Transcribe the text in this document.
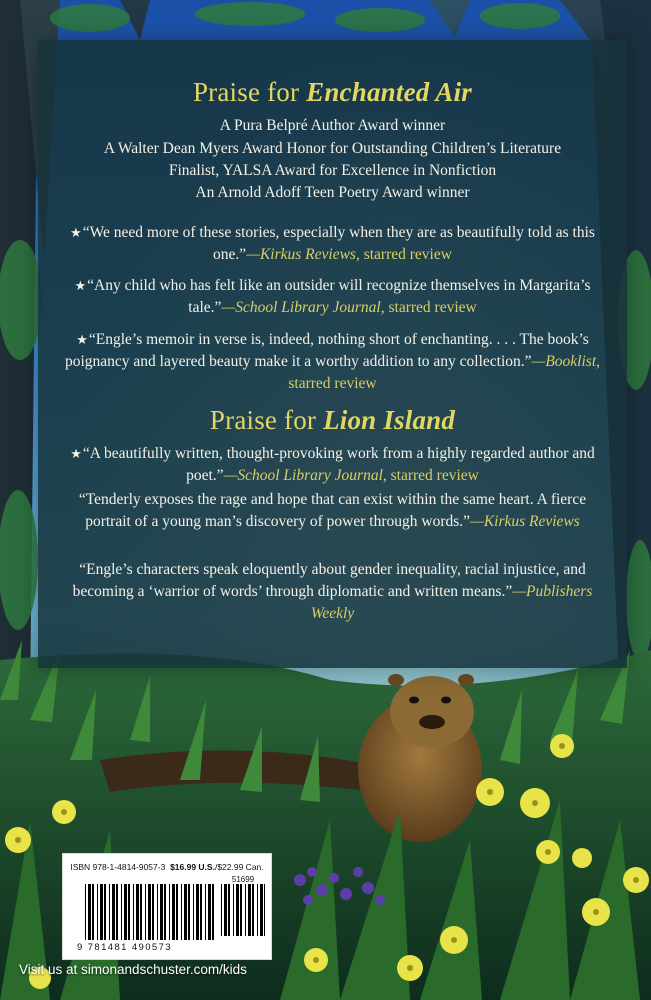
Praise for Enchanted Air
A Pura Belpré Author Award winner
A Walter Dean Myers Award Honor for Outstanding Children’s Literature
Finalist, YALSA Award for Excellence in Nonfiction
An Arnold Adoff Teen Poetry Award winner
★“We need more of these stories, especially when they are as beautifully told as this one.”—Kirkus Reviews, starred review
★“Any child who has felt like an outsider will recognize themselves in Margarita’s tale.”—School Library Journal, starred review
★“Engle’s memoir in verse is, indeed, nothing short of enchanting. . . . The book’s poignancy and layered beauty make it a worthy addition to any collection.”—Booklist, starred review
Praise for Lion Island
★“A beautifully written, thought-provoking work from a highly regarded author and poet.”—School Library Journal, starred review
“Tenderly exposes the rage and hope that can exist within the same heart. A fierce portrait of a young man’s discovery of power through words.”—Kirkus Reviews
“Engle’s characters speak eloquently about gender inequality, racial injustice, and becoming a ‘warrior of words’ through diplomatic and written means.”—Publishers Weekly
ISBN 978-1-4814-9057-3 $16.99 U.S./$22.99 Can.
51699
9 781481 490573
Visit us at simonandschuster.com/kids
